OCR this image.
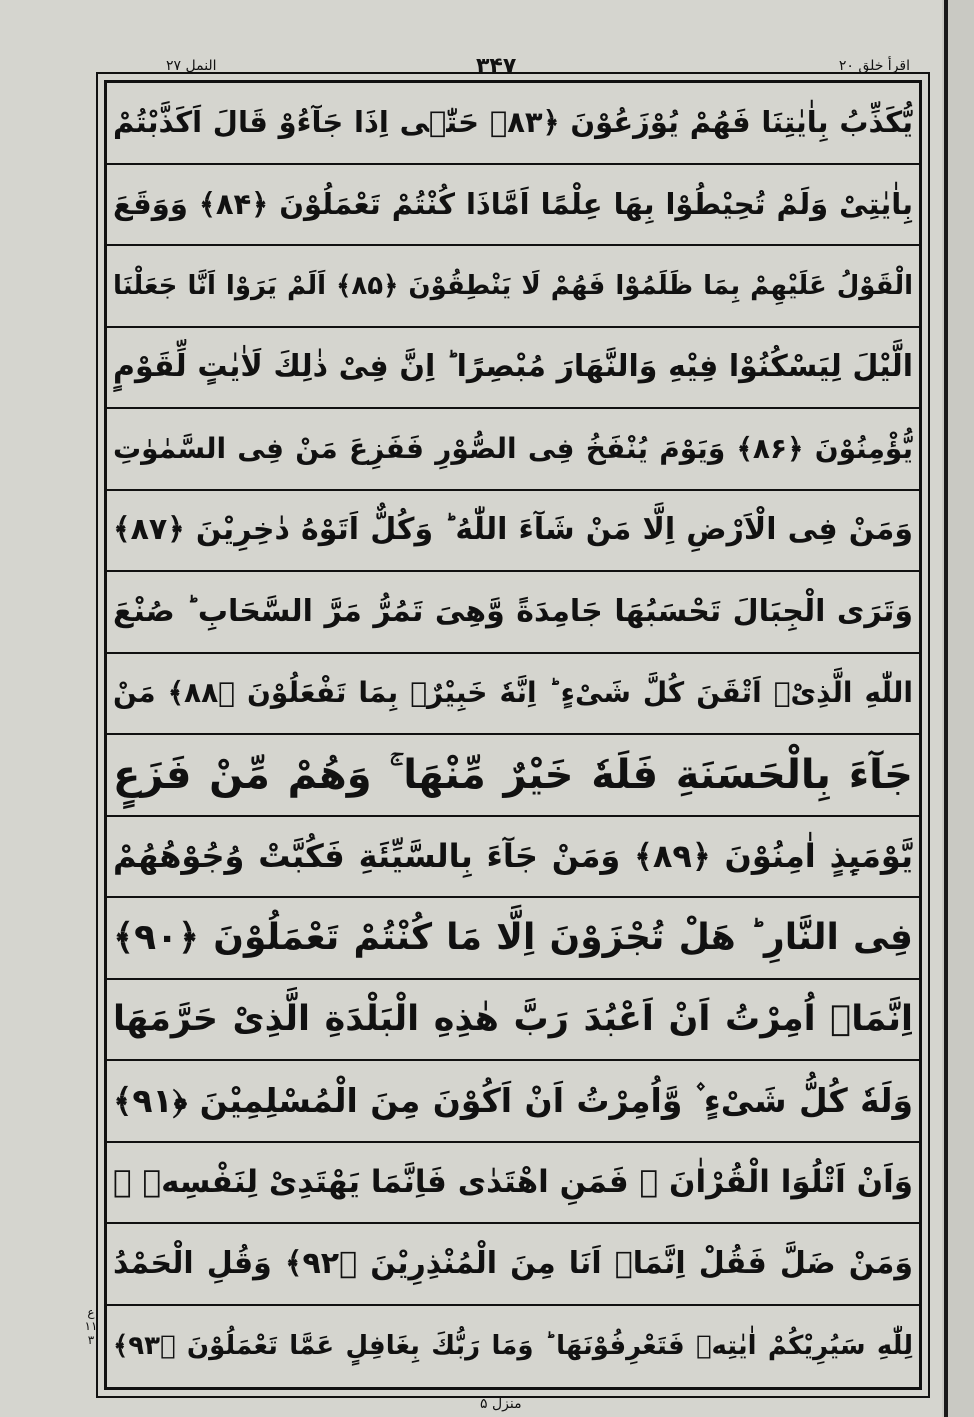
النمل ۲۷	۳۴۷	اقرأ خلق ۲۰
یُّکَذِّبُ بِاٰیٰتِنَا فَهُمْ یُوْزَعُوْنَ ﴿۸۳﴾ حَتّٰۤی اِذَا جَآءُوْ قَالَ اَكَذَّبْتُمْ
بِاٰیٰتِیْ وَلَمْ تُحِیْطُوْا بِهَا عِلْمًا اَمَّاذَا كُنْتُمْ تَعْمَلُوْنَ ﴿۸۴﴾ وَوَقَعَ
الْقَوْلُ عَلَیْهِمْ بِمَا ظَلَمُوْا فَهُمْ لَا یَنْطِقُوْنَ ﴿۸۵﴾ اَلَمْ یَرَوْا اَنَّا جَعَلْنَا
الَّیْلَ لِیَسْكُنُوْا فِیْهِ وَالنَّهَارَ مُبْصِرًا ؕ اِنَّ فِیْ ذٰلِكَ لَاٰیٰتٍ لِّقَوْمٍ
یُّؤْمِنُوْنَ ﴿۸۶﴾ وَیَوْمَ یُنْفَخُ فِی الصُّوْرِ فَفَزِعَ مَنْ فِی السَّمٰوٰتِ
وَمَنْ فِی الْاَرْضِ اِلَّا مَنْ شَآءَ اللّٰهُ ؕ وَكُلٌّ اَتَوْهُ دٰخِرِیْنَ ﴿۸۷﴾
وَتَرَی الْجِبَالَ تَحْسَبُهَا جَامِدَةً وَّهِیَ تَمُرُّ مَرَّ السَّحَابِ ؕ صُنْعَ
اللّٰهِ الَّذِیْۤ اَتْقَنَ كُلَّ شَیْءٍ ؕ اِنَّهٗ خَبِیْرٌۢ بِمَا تَفْعَلُوْنَ ﴿۸۸﴾ مَنْ
جَآءَ بِالْحَسَنَةِ فَلَهٗ خَیْرٌ مِّنْهَا ۚ وَهُمْ مِّنْ فَزَعٍ
یَّوْمَىِٕذٍ اٰمِنُوْنَ ﴿۸۹﴾ وَمَنْ جَآءَ بِالسَّیِّئَةِ فَكُبَّتْ وُجُوْهُهُمْ
فِی النَّارِ ؕ هَلْ تُجْزَوْنَ اِلَّا مَا كُنْتُمْ تَعْمَلُوْنَ ﴿۹۰﴾
اِنَّمَاۤ اُمِرْتُ اَنْ اَعْبُدَ رَبَّ هٰذِهِ الْبَلْدَةِ الَّذِیْ حَرَّمَهَا
وَلَهٗ كُلُّ شَیْءٍ ۫ وَّاُمِرْتُ اَنْ اَكُوْنَ مِنَ الْمُسْلِمِیْنَ ﴿۹۱﴾
وَاَنْ اَتْلُوَا الْقُرْاٰنَ ۚ فَمَنِ اهْتَدٰی فَاِنَّمَا یَهْتَدِیْ لِنَفْسِهٖ ۚ
وَمَنْ ضَلَّ فَقُلْ اِنَّمَاۤ اَنَا مِنَ الْمُنْذِرِیْنَ ﴿۹۲﴾ وَقُلِ الْحَمْدُ
لِلّٰهِ سَیُرِیْكُمْ اٰیٰتِهٖ فَتَعْرِفُوْنَهَا ؕ وَمَا رَبُّكَ بِغَافِلٍ عَمَّا تَعْمَلُوْنَ ﴿۹۳﴾
ع ۱۱ ۳
منزل ۵
